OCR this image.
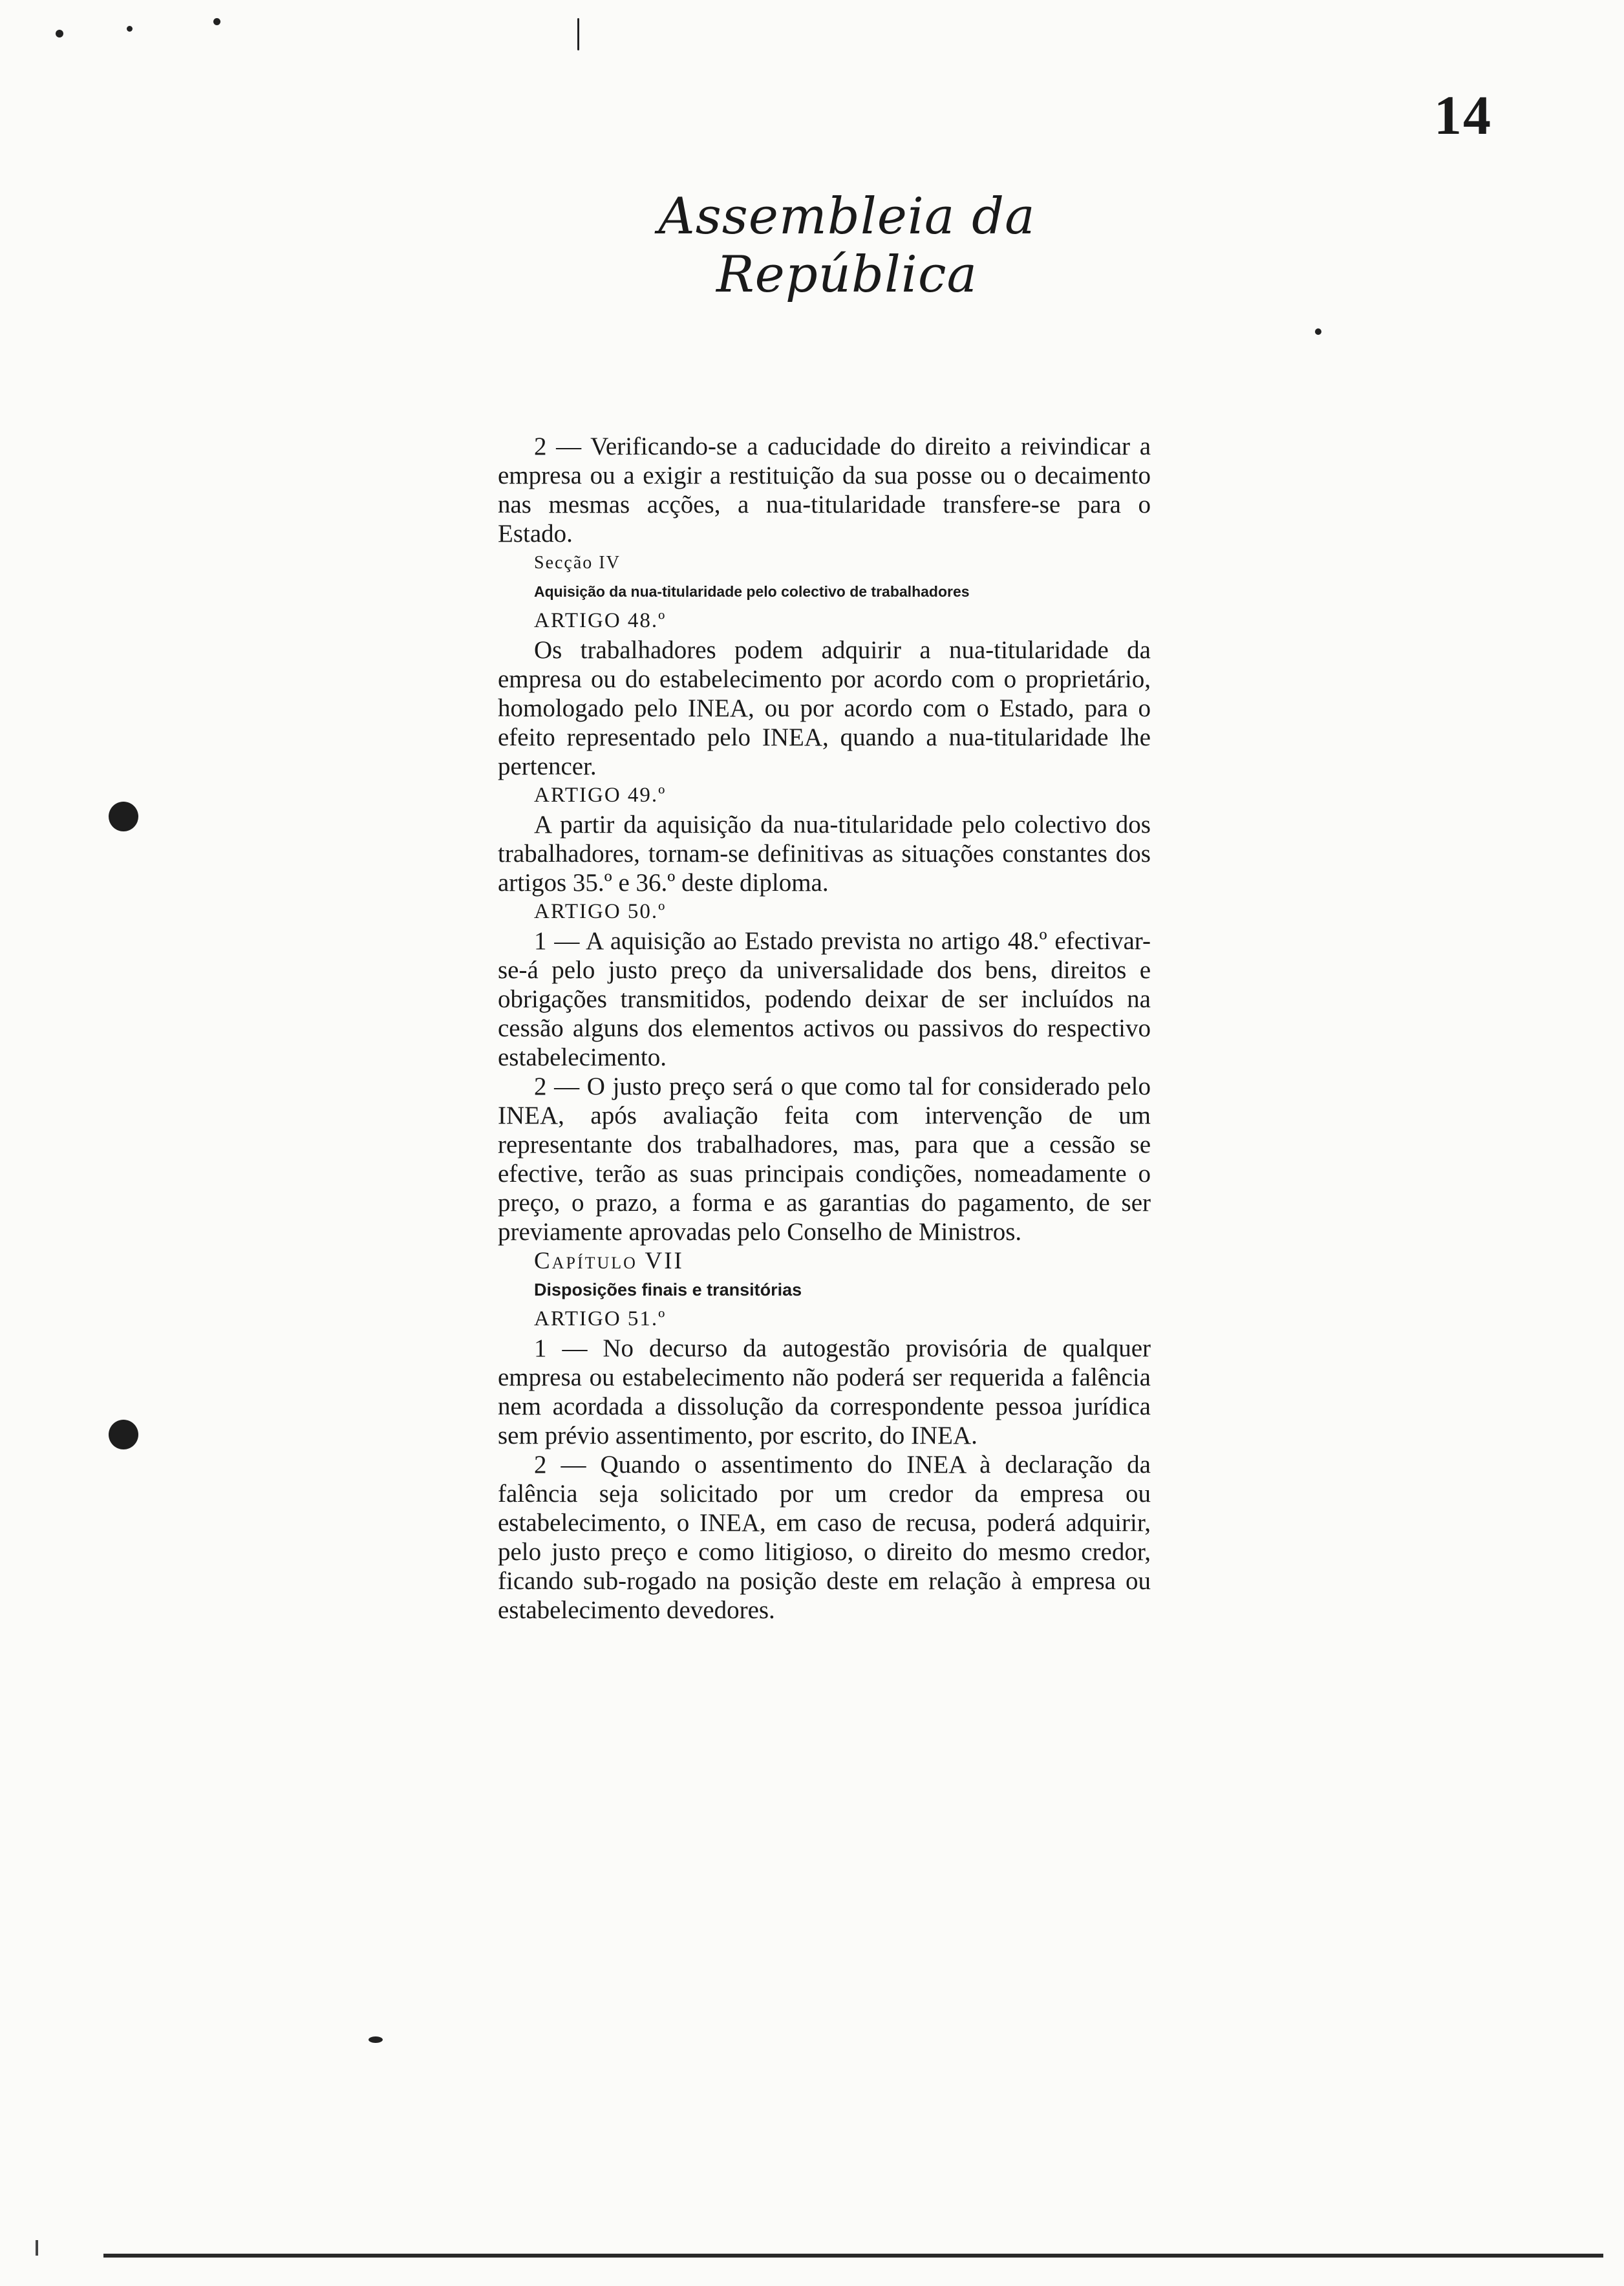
14
Assembleia da República

2 — Verificando-se a caducidade do direito a reivindicar a empresa ou a exigir a restituição da sua posse ou o decaimento nas mesmas acções, a nua-titularidade transfere-se para o Estado.

Secção IV

Aquisição da nua-titularidade pelo colectivo de trabalhadores

ARTIGO 48.º

Os trabalhadores podem adquirir a nua-titularidade da empresa ou do estabelecimento por acordo com o proprietário, homologado pelo INEA, ou por acordo com o Estado, para o efeito representado pelo INEA, quando a nua-titularidade lhe pertencer.

ARTIGO 49.º

A partir da aquisição da nua-titularidade pelo colectivo dos trabalhadores, tornam-se definitivas as situações constantes dos artigos 35.º e 36.º deste diploma.

ARTIGO 50.º

1 — A aquisição ao Estado prevista no artigo 48.º efectivar-se-á pelo justo preço da universalidade dos bens, direitos e obrigações transmitidos, podendo deixar de ser incluídos na cessão alguns dos elementos activos ou passivos do respectivo estabelecimento.

2 — O justo preço será o que como tal for considerado pelo INEA, após avaliação feita com intervenção de um representante dos trabalhadores, mas, para que a cessão se efective, terão as suas principais condições, nomeadamente o preço, o prazo, a forma e as garantias do pagamento, de ser previamente aprovadas pelo Conselho de Ministros.

Capítulo VII

Disposições finais e transitórias

ARTIGO 51.º

1 — No decurso da autogestão provisória de qualquer empresa ou estabelecimento não poderá ser requerida a falência nem acordada a dissolução da correspondente pessoa jurídica sem prévio assentimento, por escrito, do INEA.

2 — Quando o assentimento do INEA à declaração da falência seja solicitado por um credor da empresa ou estabelecimento, o INEA, em caso de recusa, poderá adquirir, pelo justo preço e como litigioso, o direito do mesmo credor, ficando sub-rogado na posição deste em relação à empresa ou estabelecimento devedores.
